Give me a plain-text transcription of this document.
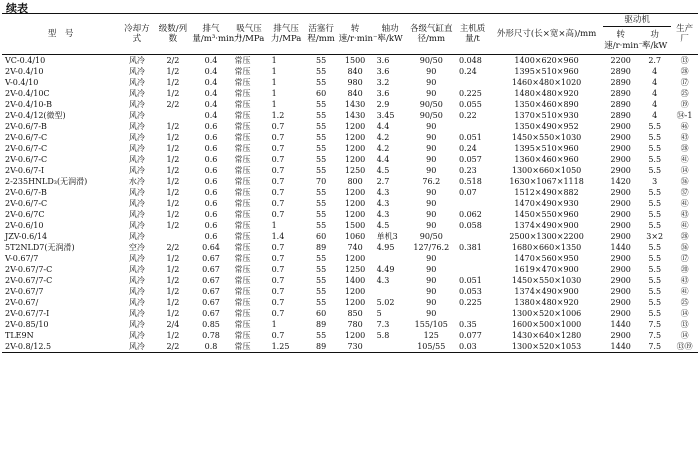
续表
型　号	冷却方式	级数/列数	排气量/m³·min⁻¹	吸气压力/MPa	排气压力/MPa	活塞行程/mm	转速/r·min⁻¹	轴功率/kW	各级气缸直径/mm	主机质量/t	外形尺寸(长×宽×高)/mm	驱动机		生产厂
												转速/r·min⁻¹	功率/kW	
VC-0.4/10	风冷	2/2	0.4	常压	1	55	1500	3.6	90/50	0.048	1400×620×960	2200	2.7	⑬
2V-0.4/10	风冷	1/2	0.4	常压	1	55	840	3.6	90	0.24	1395×510×960	2890	4	㉘
V-0.4/10	风冷	1/2	0.4	常压	1	55	980	3.2	90		1460×480×1020	2890	4	⑰
2V-0.4/10C	风冷	1/2	0.4	常压	1	60	840	3.6	90	0.225	1480×480×920	2890	4	㉕
2V-0.4/10-B	风冷	2/2	0.4	常压	1	55	1430	2.9	90/50	0.055	1350×460×890	2890	4	⑲
2V-0.4/12(微型)	风冷		0.4	常压	1.2	55	1430	3.45	90/50	0.22	1370×510×930	2890	4	㉞-1
2V-0.6/7-B	风冷	1/2	0.6	常压	0.7	55	1200	4.4	90		1350×490×952	2900	5.5	㊻
2V-0.6/7-C	风冷	1/2	0.6	常压	0.7	55	1200	4.2	90	0.051	1450×550×1030	2900	5.5	㊸
2V-0.6/7-C	风冷	1/2	0.6	常压	0.7	55	1200	4.2	90	0.24	1395×510×960	2900	5.5	㉘
2V-0.6/7-C	风冷	1/2	0.6	常压	0.7	55	1200	4.4	90	0.057	1360×460×960	2900	5.5	㊶
2V-0.6/7-Ⅰ	风冷	1/2	0.6	常压	0.7	55	1250	4.5	90	0.23	1300×660×1050	2900	5.5	⑭
2-235HNLD₃(无润滑)	水冷	1/2	0.6	常压	0.7	70	800	2.7	76.2	0.518	1630×1067×1118	1420	3	㊱
2V-0.6/7-B	风冷	1/2	0.6	常压	0.7	55	1200	4.3	90	0.07	1512×490×882	2900	5.5	㊲
2V-0.6/7-C	风冷	1/2	0.6	常压	0.7	55	1200	4.3	90		1470×490×930	2900	5.5	㊶
2V-0.6/7C	风冷	1/2	0.6	常压	0.7	55	1200	4.3	90	0.062	1450×550×960	2900	5.5	㊸
2V-0.6/10	风冷	1/2	0.6	常压	1	55	1500	4.5	90	0.058	1374×490×900	2900	5.5	㊶
JZV-0.6/14	风冷		0.6	常压	1.4	60	1060	单机3	90/50		2500×1300×2200	2900	3×2	㉘
5T2NLD7(无润滑)	空冷	2/2	0.64	常压	0.7	89	740	4.95	127/76.2	0.381	1680×660×1350	1440	5.5	㊱
V-0.67/7	风冷	1/2	0.67	常压	0.7	55	1200		90		1470×560×950	2900	5.5	⑰
2V-0.67/7-C	风冷	1/2	0.67	常压	0.7	55	1250	4.49	90		1619×470×900	2900	5.5	⑳
2V-0.67/7-C	风冷	1/2	0.67	常压	0.7	55	1400	4.3	90	0.051	1450×550×1030	2900	5.5	㊸
2V-0.67/7	风冷	1/2	0.67	常压	0.7	55	1200		90	0.053	1374×490×900	2900	5.5	㊶
2V-0.67/	风冷	1/2	0.67	常压	0.7	55	1200	5.02	90	0.225	1380×480×920	2900	5.5	㉕
2V-0.67/7-Ⅰ	风冷	1/2	0.67	常压	0.7	60	850	5	90		1300×520×1006	2900	5.5	⑭
2V-0.85/10	风冷	2/4	0.85	常压	1	89	780	7.3	155/105	0.35	1600×500×1000	1440	7.5	⑬
TLE9N	风冷	1/2	0.78	常压	0.7	55	1200	5.8	125	0.077	1430×640×1280	2900	7.5	⑭
2V-0.8/12.5	风冷	2/2	0.8	常压	1.25	89	730		105/55	0.03	1300×520×1053	1440	7.5	⑬⑲
